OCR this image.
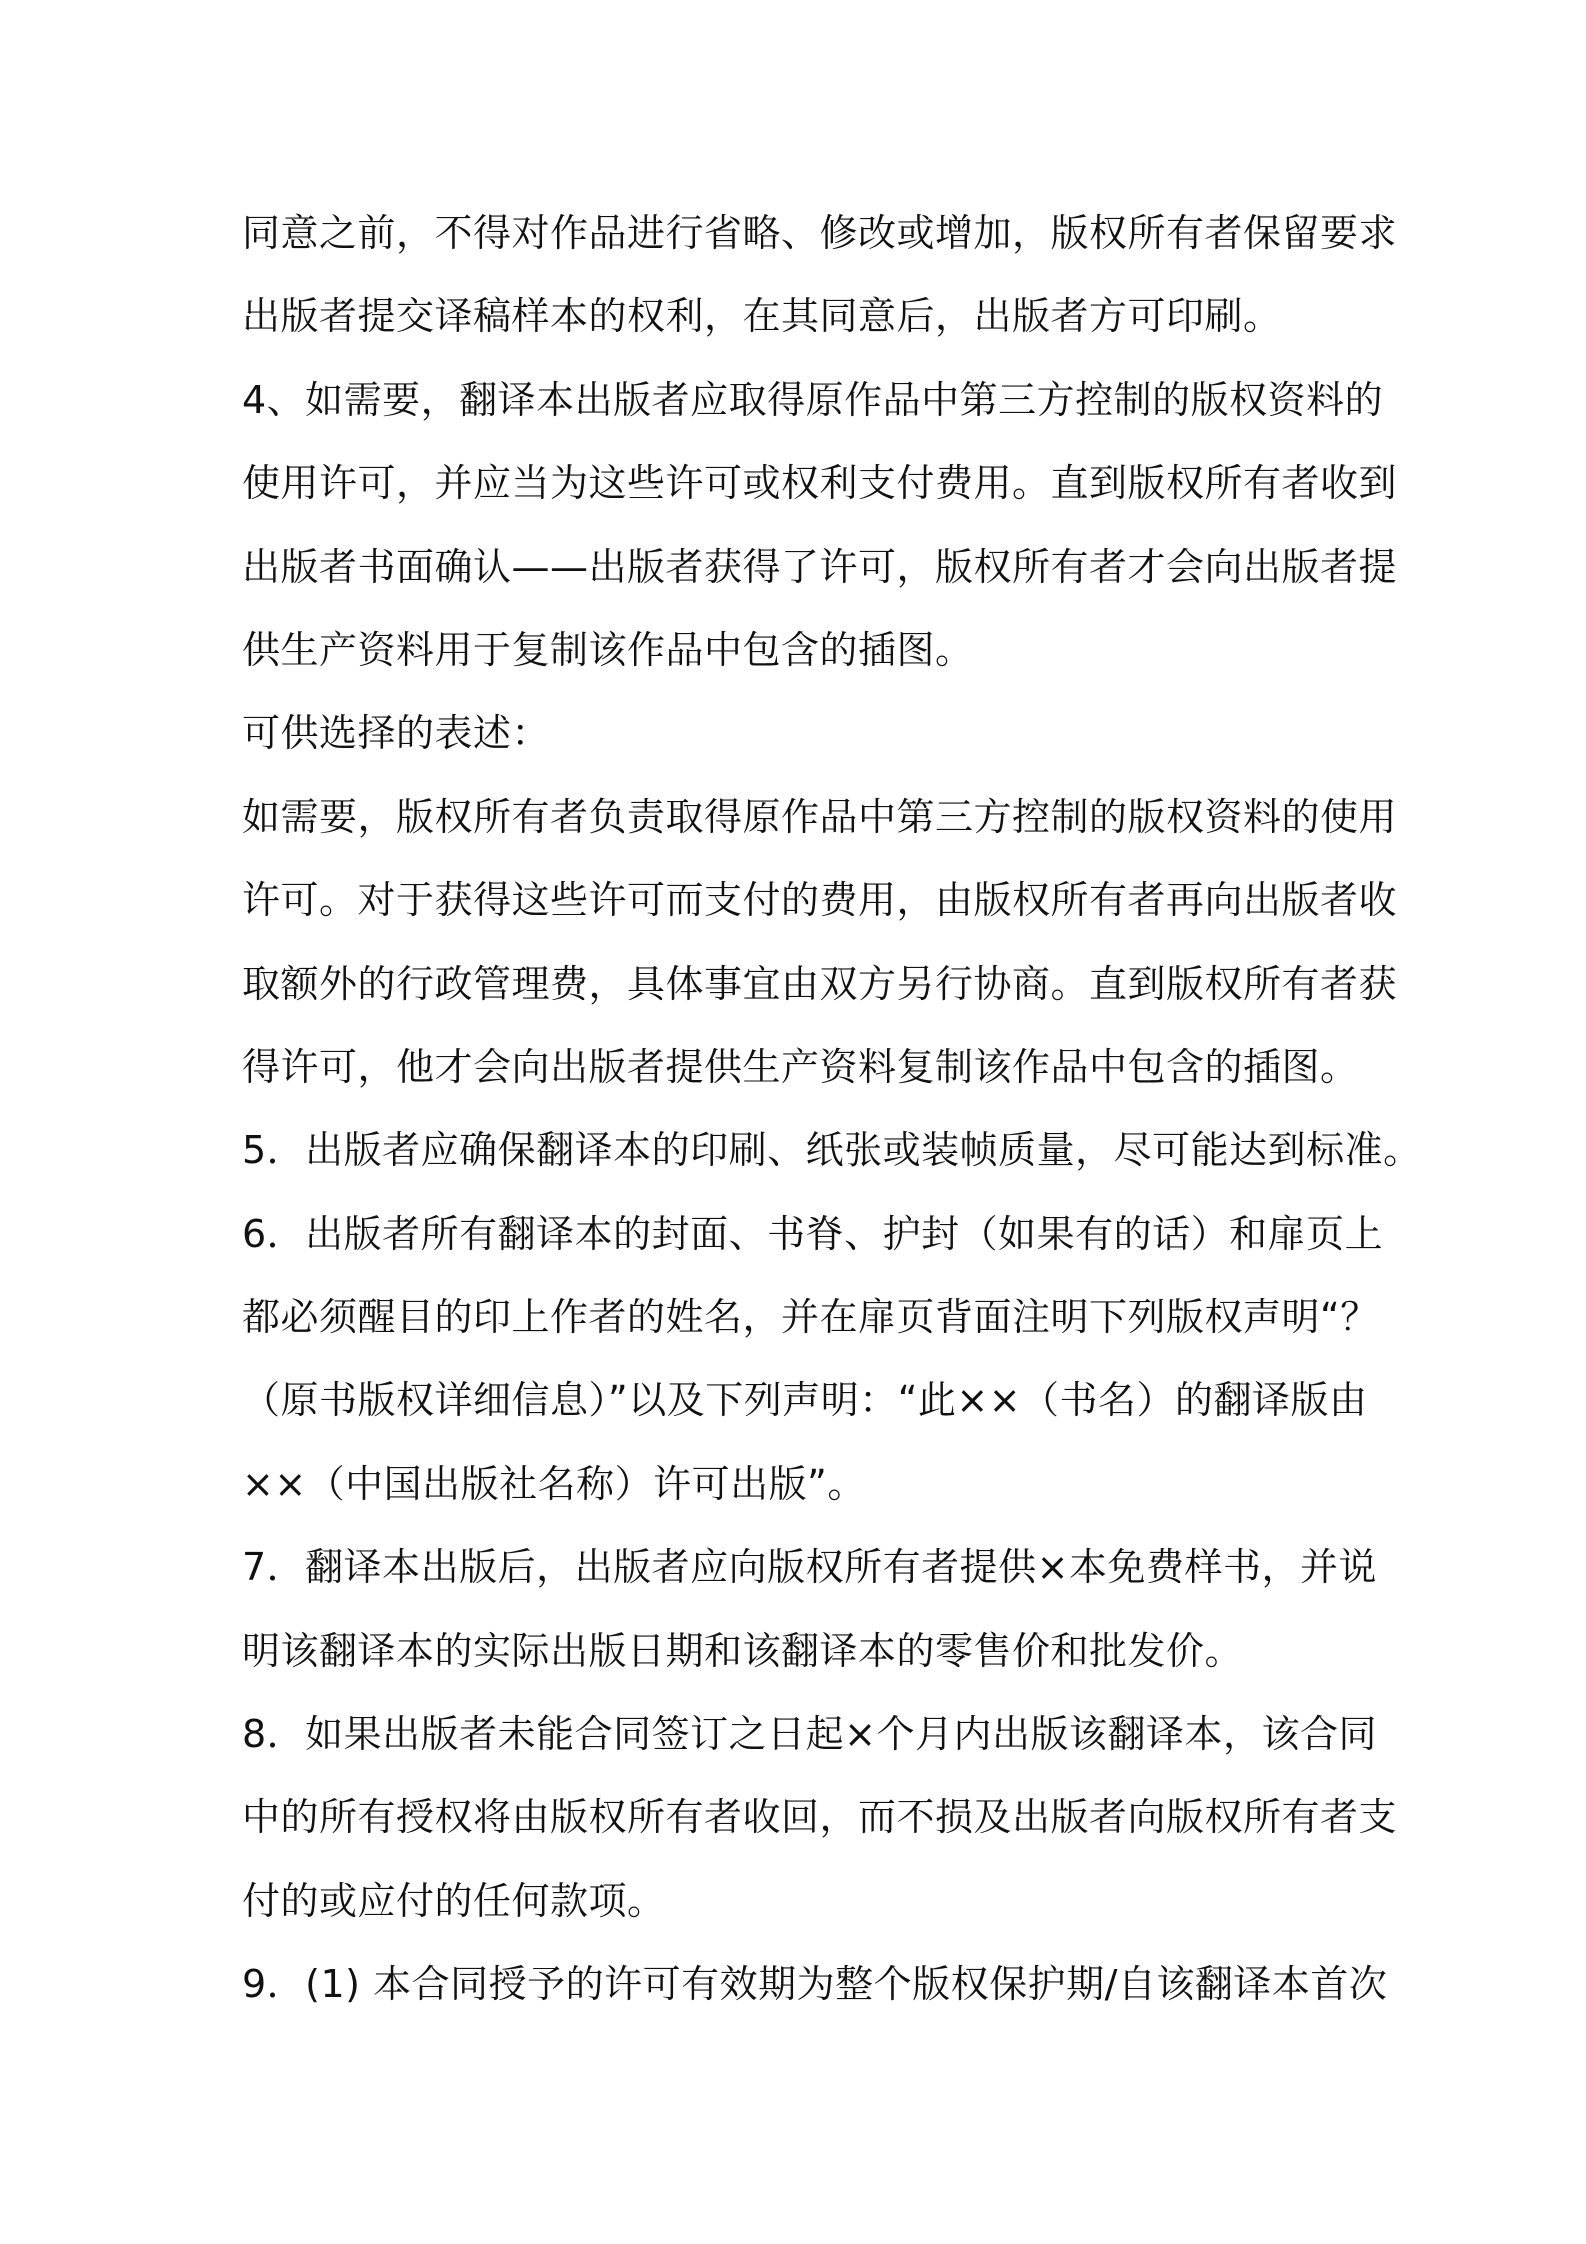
同意之前，不得对作品进行省略、修改或增加，版权所有者保留要求
出版者提交译稿样本的权利，在其同意后，出版者方可印刷。
4、如需要，翻译本出版者应取得原作品中第三方控制的版权资料的
使用许可，并应当为这些许可或权利支付费用。直到版权所有者收到
出版者书面确认——出版者获得了许可，版权所有者才会向出版者提
供生产资料用于复制该作品中包含的插图。
可供选择的表述：
如需要，版权所有者负责取得原作品中第三方控制的版权资料的使用
许可。对于获得这些许可而支付的费用，由版权所有者再向出版者收
取额外的行政管理费，具体事宜由双方另行协商。直到版权所有者获
得许可，他才会向出版者提供生产资料复制该作品中包含的插图。
5．出版者应确保翻译本的印刷、纸张或装帧质量，尽可能达到标准。
6．出版者所有翻译本的封面、书脊、护封（如果有的话）和扉页上
都必须醒目的印上作者的姓名，并在扉页背面注明下列版权声明“？
（原书版权详细信息）”以及下列声明：“此××（书名）的翻译版由
××（中国出版社名称）许可出版”。
7．翻译本出版后，出版者应向版权所有者提供×本免费样书，并说
明该翻译本的实际出版日期和该翻译本的零售价和批发价。
8．如果出版者未能合同签订之日起×个月内出版该翻译本，该合同
中的所有授权将由版权所有者收回，而不损及出版者向版权所有者支
付的或应付的任何款项。
9．(1) 本合同授予的许可有效期为整个版权保护期/自该翻译本首次
